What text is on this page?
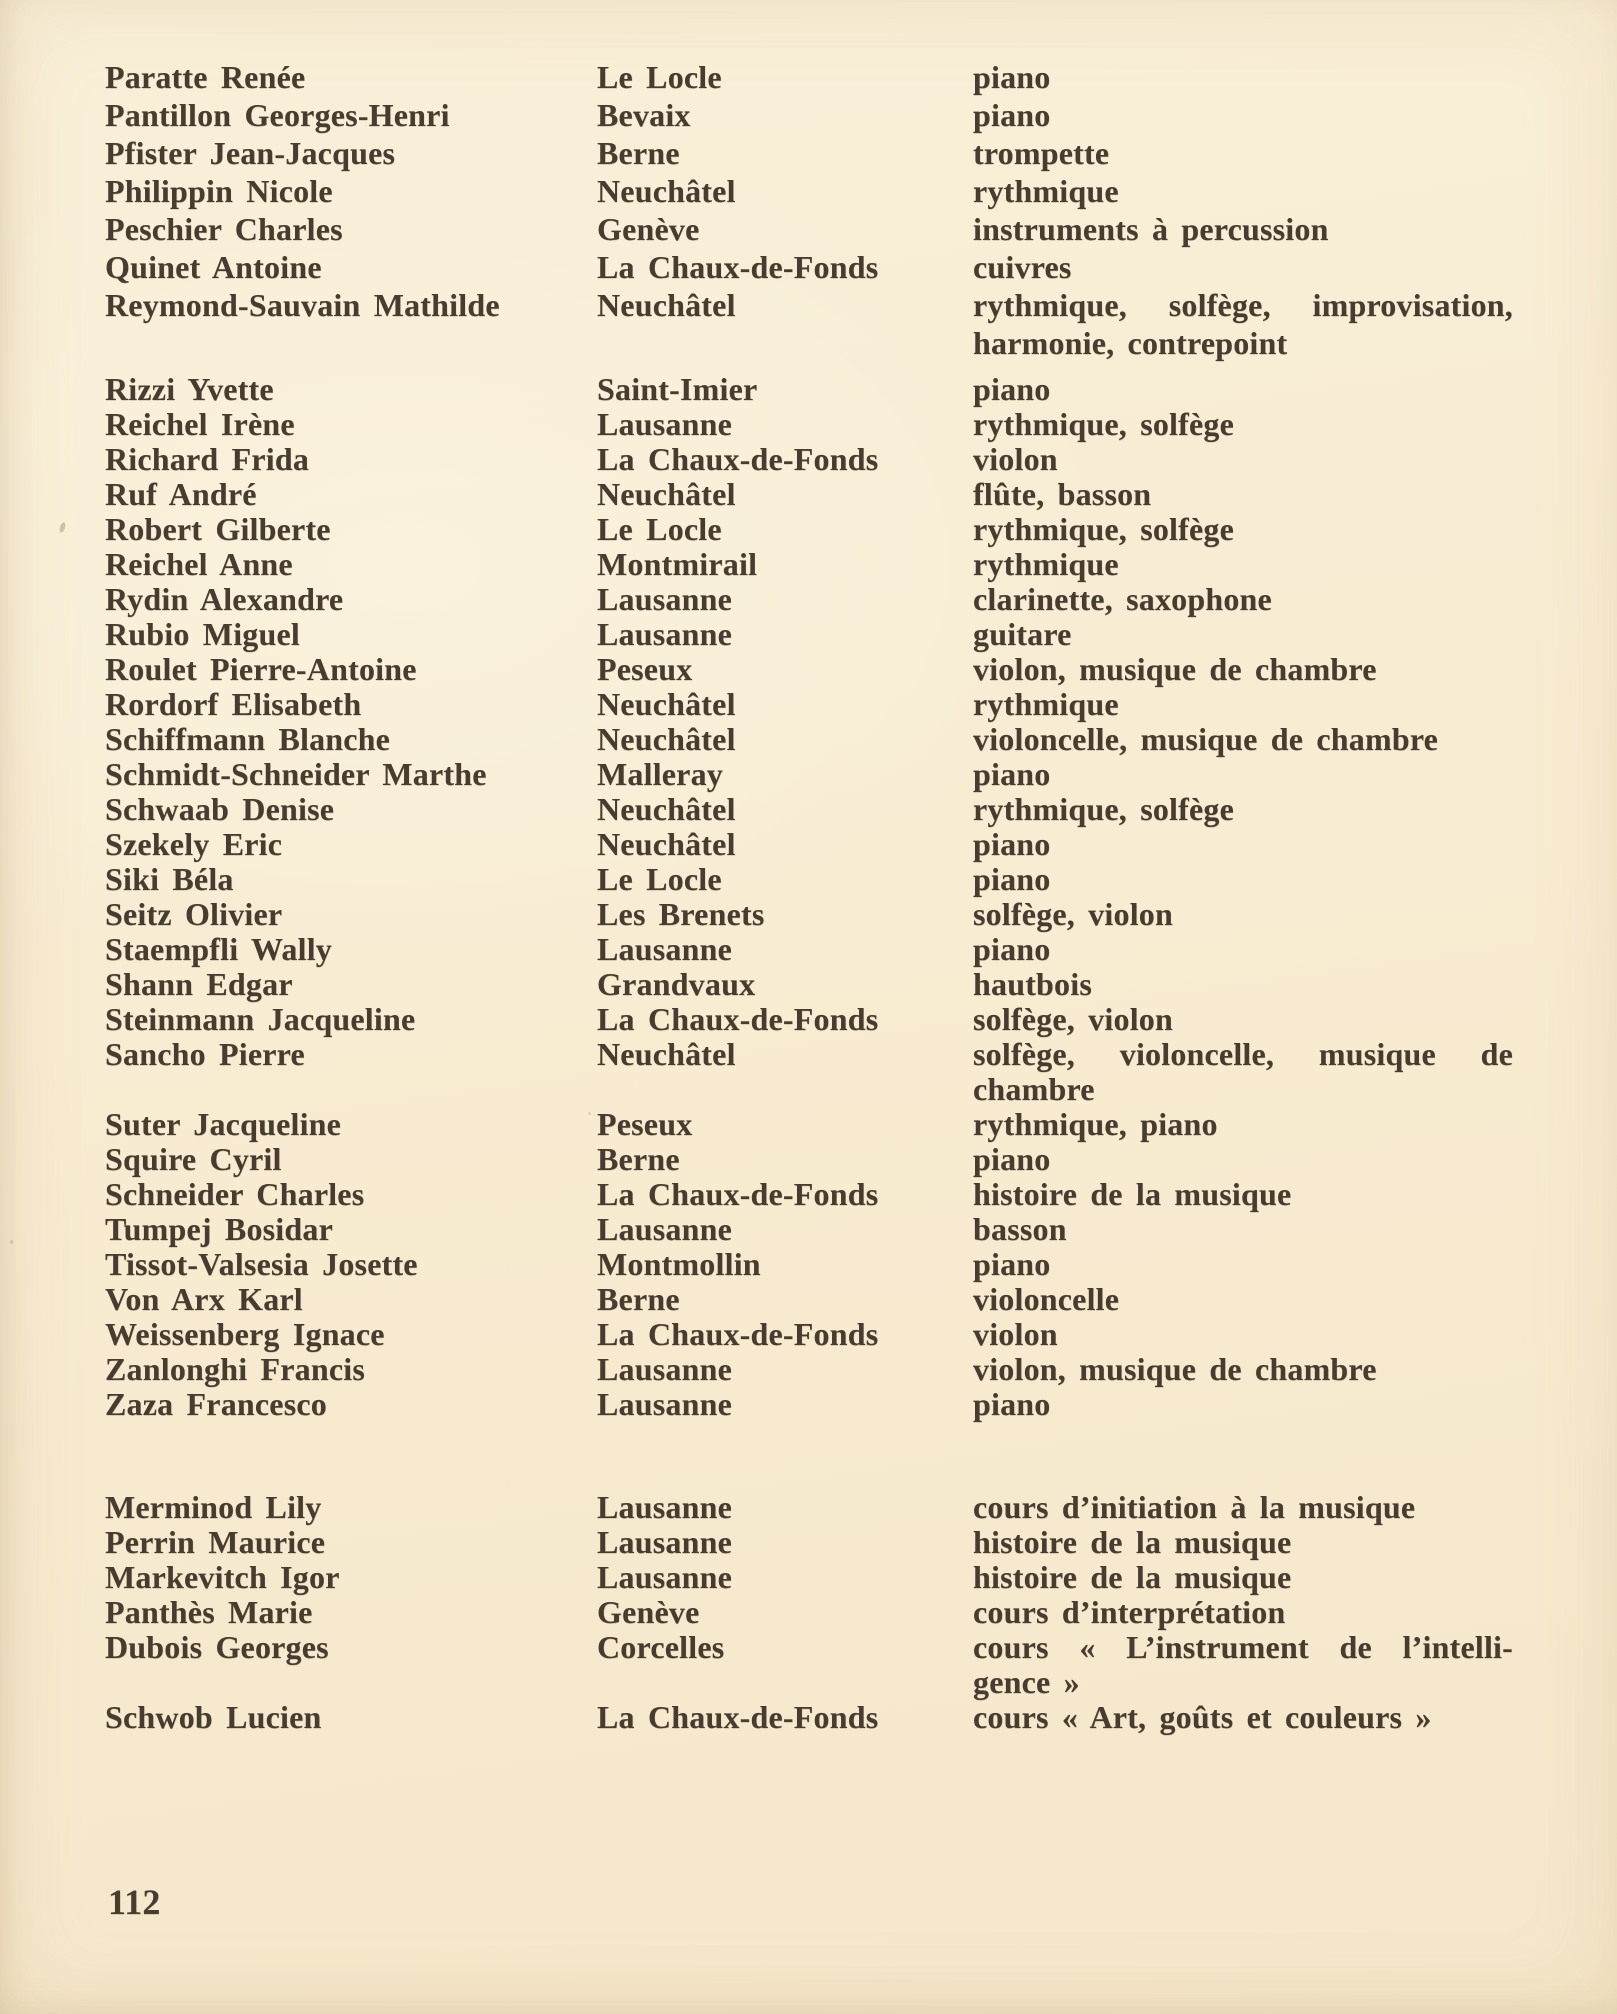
Paratte Renée	Le Locle	piano
Pantillon Georges-Henri	Bevaix	piano
Pfister Jean-Jacques	Berne	trompette
Philippin Nicole	Neuchâtel	rythmique
Peschier Charles	Genève	instruments à percussion
Quinet Antoine	La Chaux-de-Fonds	cuivres
Reymond-Sauvain Mathilde	Neuchâtel	rythmique, solfège, improvisation,
harmonie, contrepoint
Rizzi Yvette	Saint-Imier	piano
Reichel Irène	Lausanne	rythmique, solfège
Richard Frida	La Chaux-de-Fonds	violon
Ruf André	Neuchâtel	flûte, basson
Robert Gilberte	Le Locle	rythmique, solfège
Reichel Anne	Montmirail	rythmique
Rydin Alexandre	Lausanne	clarinette, saxophone
Rubio Miguel	Lausanne	guitare
Roulet Pierre-Antoine	Peseux	violon, musique de chambre
Rordorf Elisabeth	Neuchâtel	rythmique
Schiffmann Blanche	Neuchâtel	violoncelle, musique de chambre
Schmidt-Schneider Marthe	Malleray	piano
Schwaab Denise	Neuchâtel	rythmique, solfège
Szekely Eric	Neuchâtel	piano
Siki Béla	Le Locle	piano
Seitz Olivier	Les Brenets	solfège, violon
Staempfli Wally	Lausanne	piano
Shann Edgar	Grandvaux	hautbois
Steinmann Jacqueline	La Chaux-de-Fonds	solfège, violon
Sancho Pierre	Neuchâtel	solfège, violoncelle, musique de
chambre
Suter Jacqueline	Peseux	rythmique, piano
Squire Cyril	Berne	piano
Schneider Charles	La Chaux-de-Fonds	histoire de la musique
Tumpej Bosidar	Lausanne	basson
Tissot-Valsesia Josette	Montmollin	piano
Von Arx Karl	Berne	violoncelle
Weissenberg Ignace	La Chaux-de-Fonds	violon
Zanlonghi Francis	Lausanne	violon, musique de chambre
Zaza Francesco	Lausanne	piano
Merminod Lily	Lausanne	cours d’initiation à la musique
Perrin Maurice	Lausanne	histoire de la musique
Markevitch Igor	Lausanne	histoire de la musique
Panthès Marie	Genève	cours d’interprétation
Dubois Georges	Corcelles	cours « L’instrument de l’intelli-
gence »
Schwob Lucien	La Chaux-de-Fonds	cours « Art, goûts et couleurs »
112
